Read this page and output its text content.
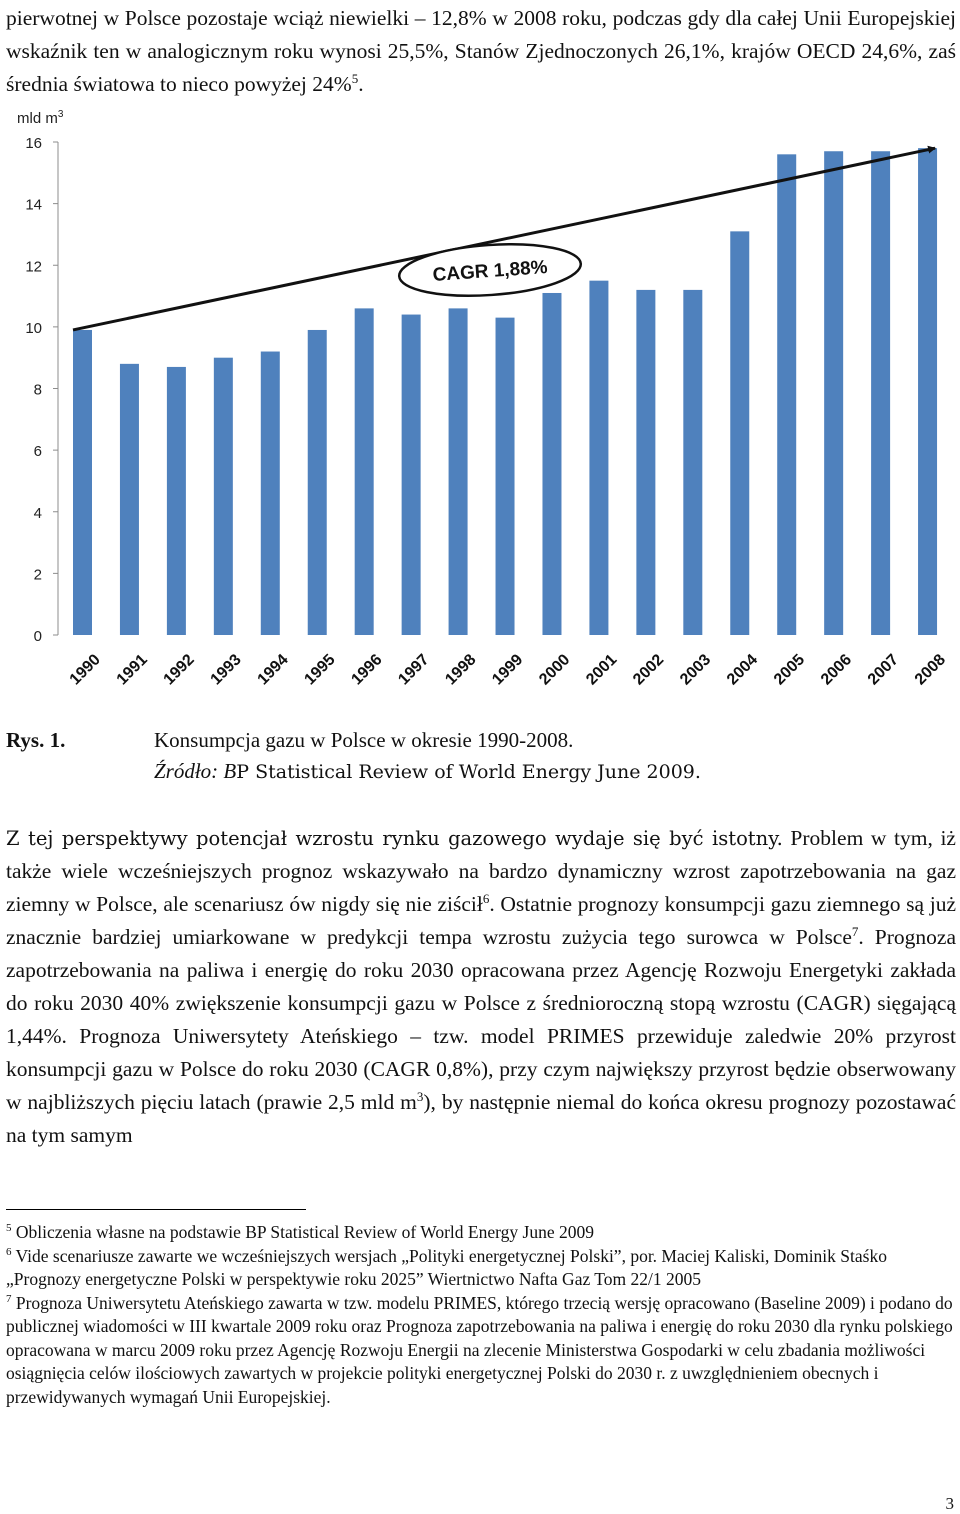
pierwotnej w Polsce pozostaje wciąż niewielki – 12,8% w 2008 roku, podczas gdy dla całej Unii Europejskiej wskaźnik ten w analogicznym roku wynosi 25,5%, Stanów Zjednoczonych 26,1%, krajów OECD 24,6%, zaś średnia światowa to nieco powyżej 24%$^5$.

0
2
4
6
8
10
12
14
16
mld $m^3$
1990 1991 1992 1993 1994 1995 1996 1997 1998 1999 2000 2001 2002 2003 2004 2005 2006 2007 2008
CAGR 1,88%
Rys. 1.	Konsumpcja gazu w Polsce w okresie 1990-2008.
Źródło: BP Statistical Review of World Energy June 2009.

Z tej perspektywy potencjał wzrostu rynku gazowego wydaje się być istotny. Problem w tym, iż także wiele wcześniejszych prognoz wskazywało na bardzo dynamiczny wzrost zapotrzebowania na gaz ziemny w Polsce, ale scenariusz ów nigdy się nie ziścił$^6$. Ostatnie prognozy konsumpcji gazu ziemnego są już znacznie bardziej umiarkowane w predykcji tempa wzrostu zużycia tego surowca w Polsce$^7$. Prognoza zapotrzebowania na paliwa i energię do roku 2030 opracowana przez Agencję Rozwoju Energetyki zakłada do roku 2030 40% zwiększenie konsumpcji gazu w Polsce z średnioroczną stopą wzrostu (CAGR) sięgającą 1,44%. Prognoza Uniwersytety Ateńskiego – tzw. model PRIMES przewiduje zaledwie 20% przyrost konsumpcji gazu w Polsce do roku 2030 (CAGR 0,8%), przy czym największy przyrost będzie obserwowany w najbliższych pięciu latach (prawie 2,5 mld $m^3$), by następnie niemal do końca okresu prognozy pozostawać na tym samym

$^5$ Obliczenia własne na podstawie BP Statistical Review of World Energy June 2009

$^6$ Vide scenariusze zawarte we wcześniejszych wersjach „Polityki energetycznej Polski”, por. Maciej Kaliski, Dominik Staśko „Prognozy energetyczne Polski w perspektywie roku 2025” Wiertnictwo Nafta Gaz Tom 22/1 2005

$^7$ Prognoza Uniwersytetu Ateńskiego zawarta w tzw. modelu PRIMES, którego trzecią wersję opracowano (Baseline 2009) i podano do publicznej wiadomości w III kwartale 2009 roku oraz Prognoza zapotrzebowania na paliwa i energię do roku 2030 dla rynku polskiego opracowana w marcu 2009 roku przez Agencję Rozwoju Energii na zlecenie Ministerstwa Gospodarki w celu zbadania możliwości osiągnięcia celów ilościowych zawartych w projekcie polityki energetycznej Polski do 2030 r. z uwzględnieniem obecnych i przewidywanych wymagań Unii Europejskiej.

3
